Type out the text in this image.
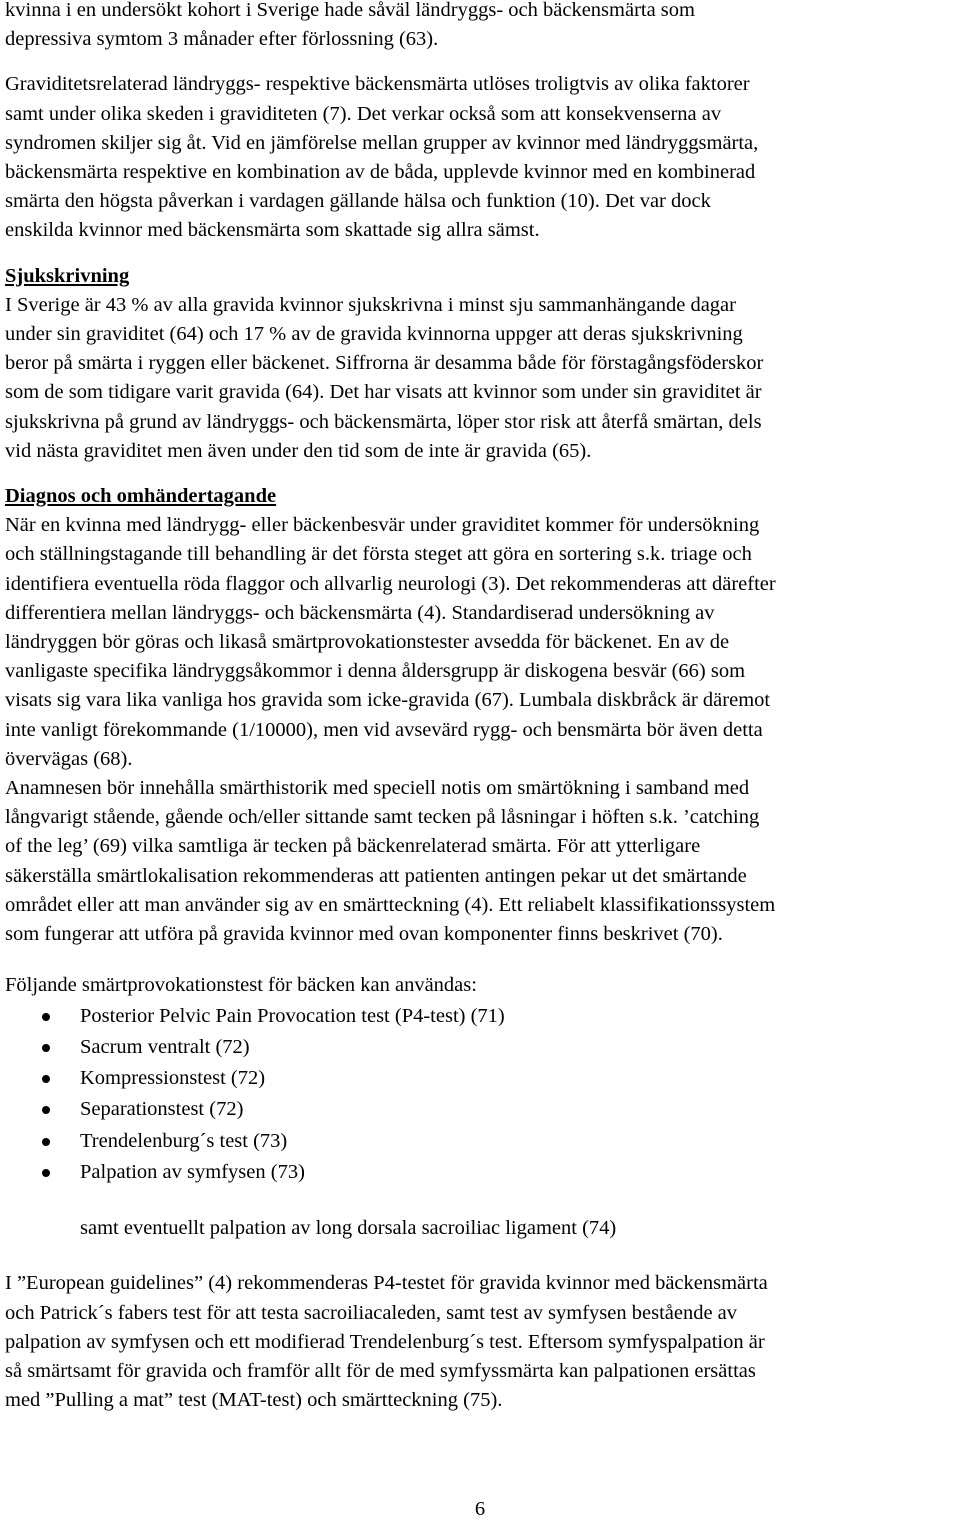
kvinna i en undersökt kohort i Sverige hade såväl ländryggs- och bäckensmärta som
depressiva symtom 3 månader efter förlossning (63).

Graviditetsrelaterad ländryggs- respektive bäckensmärta utlöses troligtvis av olika faktorer
samt under olika skeden i graviditeten (7). Det verkar också som att konsekvenserna av
syndromen skiljer sig åt. Vid en jämförelse mellan grupper av kvinnor med ländryggsmärta,
bäckensmärta respektive en kombination av de båda, upplevde kvinnor med en kombinerad
smärta den högsta påverkan i vardagen gällande hälsa och funktion (10). Det var dock
enskilda kvinnor med bäckensmärta som skattade sig allra sämst.

Sjukskrivning
I Sverige är 43 % av alla gravida kvinnor sjukskrivna i minst sju sammanhängande dagar
under sin graviditet (64) och 17 % av de gravida kvinnorna uppger att deras sjukskrivning
beror på smärta i ryggen eller bäckenet. Siffrorna är desamma både för förstagångsföderskor
som de som tidigare varit gravida (64). Det har visats att kvinnor som under sin graviditet är
sjukskrivna på grund av ländryggs- och bäckensmärta, löper stor risk att återfå smärtan, dels
vid nästa graviditet men även under den tid som de inte är gravida (65).

Diagnos och omhändertagande
När en kvinna med ländrygg- eller bäckenbesvär under graviditet kommer för undersökning
och ställningstagande till behandling är det första steget att göra en sortering s.k. triage och
identifiera eventuella röda flaggor och allvarlig neurologi (3). Det rekommenderas att därefter
differentiera mellan ländryggs- och bäckensmärta (4). Standardiserad undersökning av
ländryggen bör göras och likaså smärtprovokationstester avsedda för bäckenet. En av de
vanligaste specifika ländryggsåkommor i denna åldersgrupp är diskogena besvär (66) som
visats sig vara lika vanliga hos gravida som icke-gravida (67). Lumbala diskbråck är däremot
inte vanligt förekommande (1/10000), men vid avsevärd rygg- och bensmärta bör även detta
övervägas (68).

Anamnesen bör innehålla smärthistorik med speciell notis om smärtökning i samband med
långvarigt stående, gående och/eller sittande samt tecken på låsningar i höften s.k. ’catching
of the leg’ (69) vilka samtliga är tecken på bäckenrelaterad smärta. För att ytterligare
säkerställa smärtlokalisation rekommenderas att patienten antingen pekar ut det smärtande
området eller att man använder sig av en smärtteckning (4). Ett reliabelt klassifikationssystem
som fungerar att utföra på gravida kvinnor med ovan komponenter finns beskrivet (70).

Följande smärtprovokationstest för bäcken kan användas:

Posterior Pelvic Pain Provocation test (P4-test) (71)
Sacrum ventralt (72)
Kompressionstest (72)
Separationstest (72)
Trendelenburg´s test (73)
Palpation av symfysen (73)

samt eventuellt palpation av long dorsala sacroiliac ligament (74)

I ”European guidelines” (4) rekommenderas P4-testet för gravida kvinnor med bäckensmärta
och Patrick´s fabers test för att testa sacroiliacaleden, samt test av symfysen bestående av
palpation av symfysen och ett modifierad Trendelenburg´s test. Eftersom symfyspalpation är
så smärtsamt för gravida och framför allt för de med symfyssmärta kan palpationen ersättas
med ”Pulling a mat” test (MAT-test) och smärtteckning (75).

6
